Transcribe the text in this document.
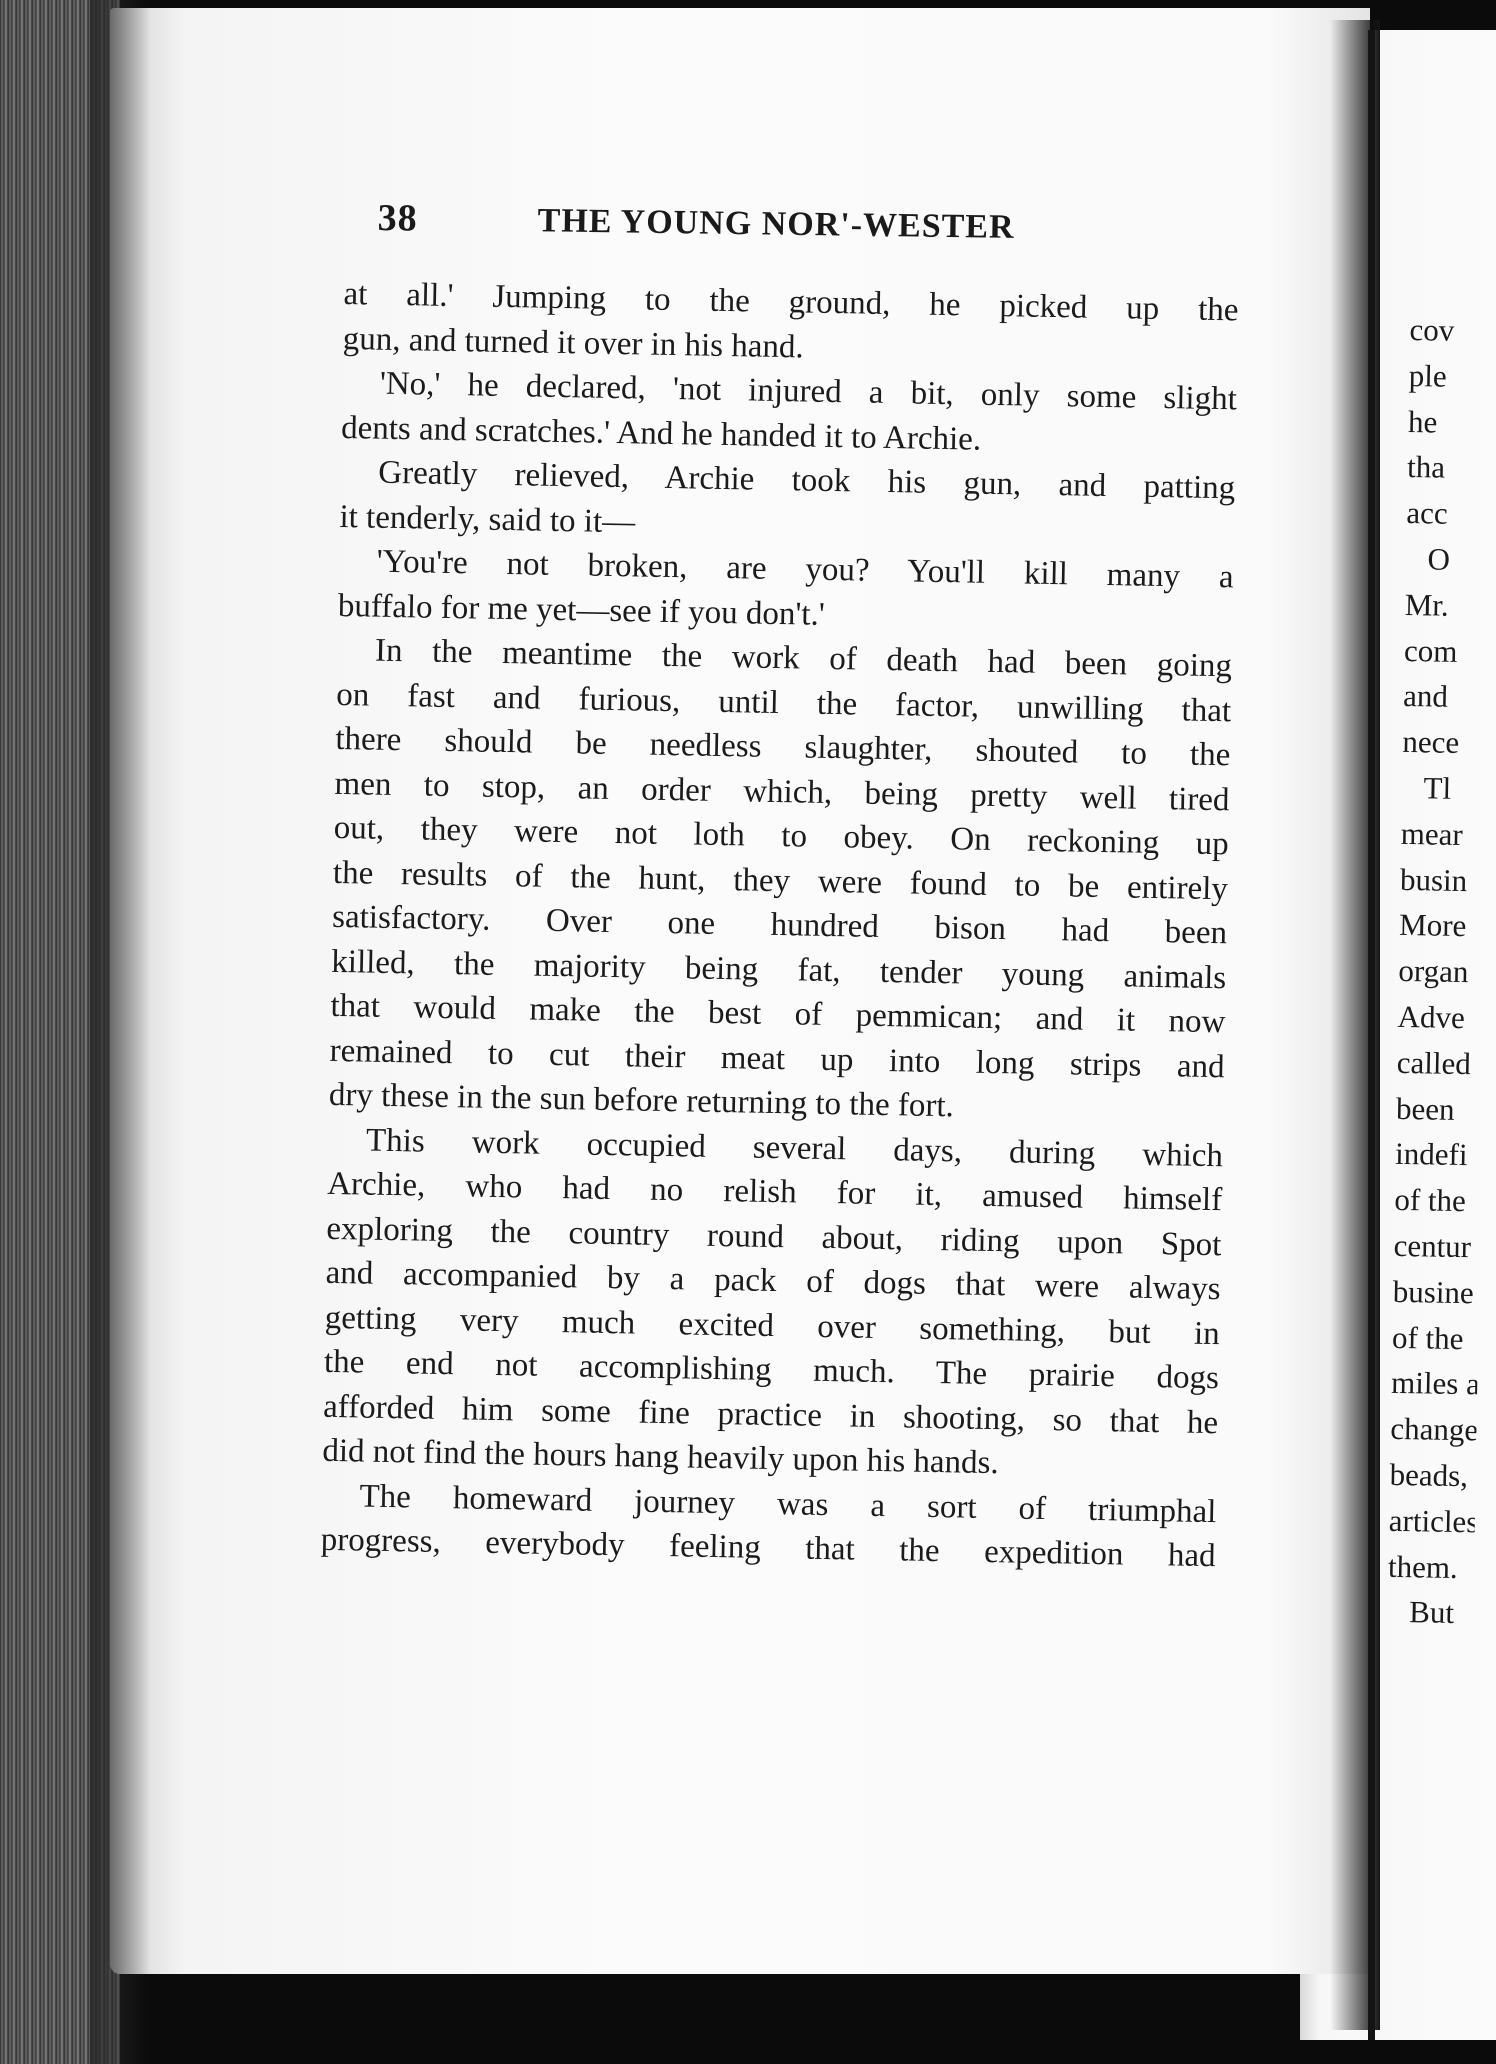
38	THE YOUNG NOR'-WESTER
at all.' Jumping to the ground, he picked up the
gun, and turned it over in his hand.
'No,' he declared, 'not injured a bit, only some slight
dents and scratches.' And he handed it to Archie.
Greatly relieved, Archie took his gun, and patting
it tenderly, said to it—
'You're not broken, are you? You'll kill many a
buffalo for me yet—see if you don't.'
In the meantime the work of death had been going
on fast and furious, until the factor, unwilling that
there should be needless slaughter, shouted to the
men to stop, an order which, being pretty well tired
out, they were not loth to obey. On reckoning up
the results of the hunt, they were found to be entirely
satisfactory. Over one hundred bison had been
killed, the majority being fat, tender young animals
that would make the best of pemmican; and it now
remained to cut their meat up into long strips and
dry these in the sun before returning to the fort.
This work occupied several days, during which
Archie, who had no relish for it, amused himself
exploring the country round about, riding upon Spot
and accompanied by a pack of dogs that were always
getting very much excited over something, but in
the end not accomplishing much. The prairie dogs
afforded him some fine practice in shooting, so that he
did not find the hours hang heavily upon his hands.
The homeward journey was a sort of triumphal
progress, everybody feeling that the expedition had
cov
ple
he
tha
acc
O
Mr.
com
and
nece
Tl
mear
busin
More
organ
Adve
called
been
indefi
of the
centur
busine
of the
miles a
change
beads,
articles
them.
But
